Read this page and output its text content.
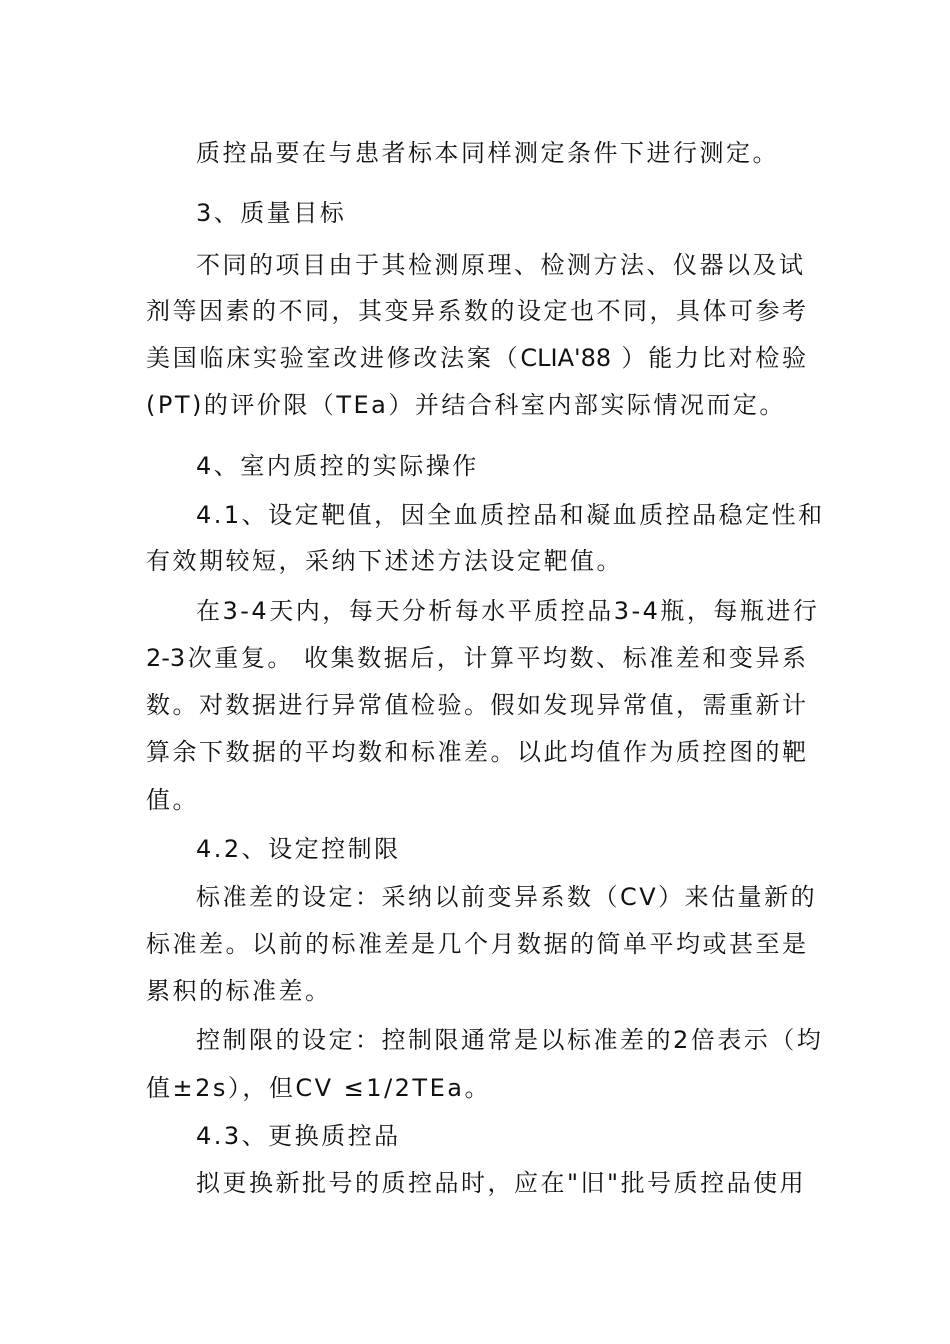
质控品要在与患者标本同样测定条件下进行测定。
3、质量目标
不同的项目由于其检测原理、检测方法、仪器以及试
剂等因素的不同，其变异系数的设定也不同，具体可参考
美国临床实验室改进修改法案（CLIA'88 ）能力比对检验
(PT)的评价限（TEa）并结合科室内部实际情况而定。
4、室内质控的实际操作
4.1、设定靶值，因全血质控品和凝血质控品稳定性和
有效期较短，采纳下述述方法设定靶值。
在3-4天内，每天分析每水平质控品3-4瓶，每瓶进行
2-3次重复。 收集数据后，计算平均数、标准差和变异系
数。对数据进行异常值检验。假如发现异常值，需重新计
算余下数据的平均数和标准差。以此均值作为质控图的靶
值。
4.2、设定控制限
标准差的设定：采纳以前变异系数（CV）来估量新的
标准差。以前的标准差是几个月数据的简单平均或甚至是
累积的标准差。
控制限的设定：控制限通常是以标准差的2倍表示（均
值±2s），但CV ≤1/2TEa。
4.3、更换质控品
拟更换新批号的质控品时，应在"旧"批号质控品使用
